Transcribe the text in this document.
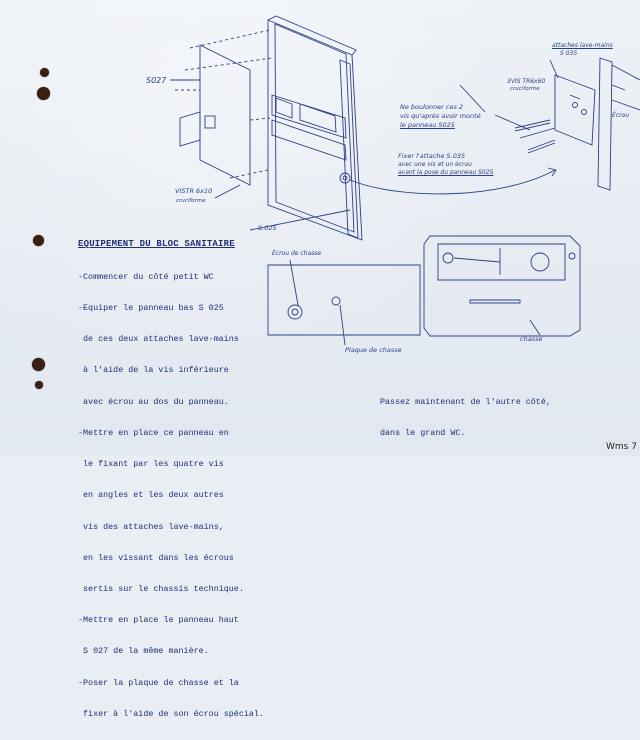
S027
VISTR 6x10
cruciforme
S.025
attaches lave-mains
S 035
3VIS TR6x60
cruciforme
Ne boulonner ces 2
vis qu'après avoir monté
le panneau S025
Fixer l'attache S.035
avec une vis et un écrou
avant la pose du panneau S025
Écrou de chasse
Plaque de chasse
chasse
Écrou
EQUIPEMENT DU BLOC SANITAIRE

-Commencer du côté petit WC

-Equiper le panneau bas S 025

de ces deux attaches lave-mains

à l'aide de la vis inférieure

avec écrou au dos du panneau.

-Mettre en place ce panneau en

le fixant par les quatre vis

en angles et les deux autres

vis des attaches lave-mains,

en les vissant dans les écrous

sertis sur le chassis technique.

-Mettre en place le panneau haut

S 027 de la même manière.

-Poser la plaque de chasse et la

fixer à l'aide de son écrou spécial.

Passez maintenant de l'autre côté,

dans le grand WC.

Wms 7
